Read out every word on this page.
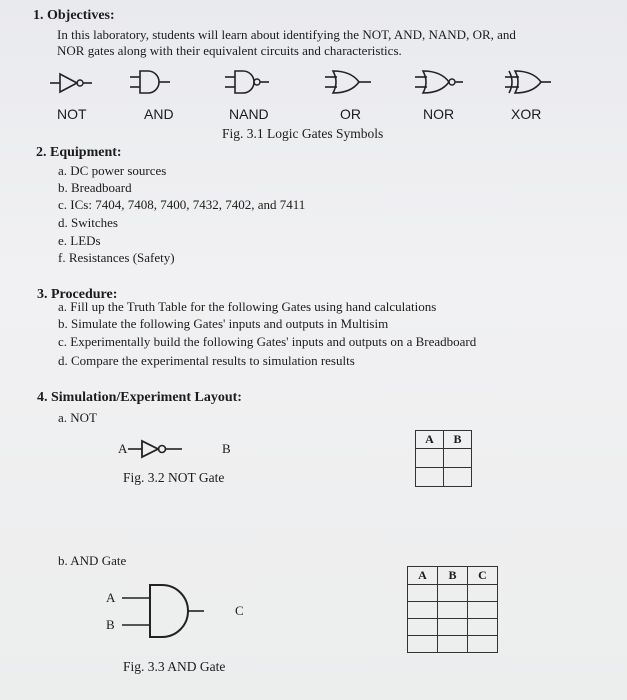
1. Objectives:
In this laboratory, students will learn about identifying the NOT, AND, NAND, OR, and
NOR gates along with their equivalent circuits and characteristics.
NOT	AND	NAND	OR	NOR	XOR
Fig. 3.1 Logic Gates Symbols
2. Equipment:
a. DC power sources
b. Breadboard
c. ICs: 7404, 7408, 7400, 7432, 7402, and 7411
d. Switches
e. LEDs
f. Resistances (Safety)
3. Procedure:
a. Fill up the Truth Table for the following Gates using hand calculations
b. Simulate the following Gates' inputs and outputs in Multisim
c. Experimentally build the following Gates' inputs and outputs on a Breadboard
d. Compare the experimental results to simulation results
4. Simulation/Experiment Layout:
a. NOT
A	B
Fig. 3.2 NOT Gate
A	B

b. AND Gate
A
B
C
Fig. 3.3 AND Gate
A	B	C
